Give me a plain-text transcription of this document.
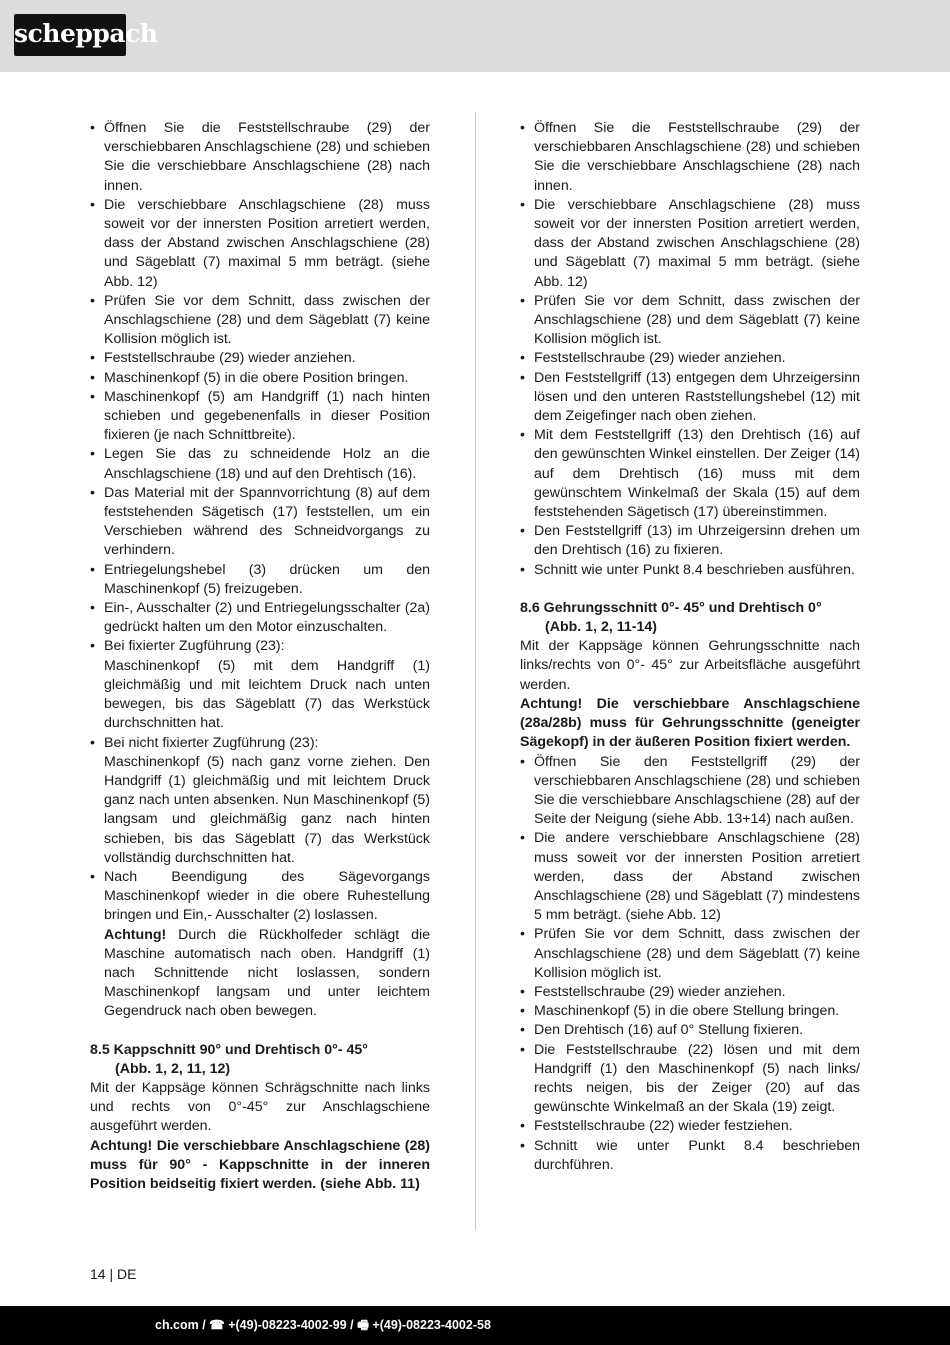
scheppach
• Öffnen Sie die Feststellschraube (29) der verschiebbaren Anschlagschiene (28) und schieben Sie die verschiebbare Anschlagschiene (28) nach innen.
• Die verschiebbare Anschlagschiene (28) muss soweit vor der innersten Position arretiert werden, dass der Abstand zwischen Anschlagschiene (28) und Sägeblatt (7) maximal 5 mm beträgt. (siehe Abb. 12)
• Prüfen Sie vor dem Schnitt, dass zwischen der Anschlagschiene (28) und dem Sägeblatt (7) keine Kollision möglich ist.
• Feststellschraube (29) wieder anziehen.
• Maschinenkopf (5) in die obere Position bringen.
• Maschinenkopf (5) am Handgriff (1) nach hinten schieben und gegebenenfalls in dieser Position fixieren (je nach Schnittbreite).
• Legen Sie das zu schneidende Holz an die Anschlagschiene (18) und auf den Drehtisch (16).
• Das Material mit der Spannvorrichtung (8) auf dem feststehenden Sägetisch (17) feststellen, um ein Verschieben während des Schneidvorgangs zu verhindern.
• Entriegelungshebel (3) drücken um den Maschinenkopf (5) freizugeben.
• Ein-, Ausschalter (2) und Entriegelungsschalter (2a) gedrückt halten um den Motor einzuschalten.
• Bei fixierter Zugführung (23):
Maschinenkopf (5) mit dem Handgriff (1) gleichmäßig und mit leichtem Druck nach unten bewegen, bis das Sägeblatt (7) das Werkstück durchschnitten hat.
• Bei nicht fixierter Zugführung (23):
Maschinenkopf (5) nach ganz vorne ziehen. Den Handgriff (1) gleichmäßig und mit leichtem Druck ganz nach unten absenken. Nun Maschinenkopf (5) langsam und gleichmäßig ganz nach hinten schieben, bis das Sägeblatt (7) das Werkstück vollständig durchschnitten hat.
• Nach Beendigung des Sägevorgangs Maschinenkopf wieder in die obere Ruhestellung bringen und Ein,- Ausschalter (2) loslassen.
Achtung! Durch die Rückholfeder schlägt die Maschine automatisch nach oben. Handgriff (1) nach Schnittende nicht loslassen, sondern Maschinenkopf langsam und unter leichtem Gegendruck nach oben bewegen.
8.5 Kappschnitt 90° und Drehtisch 0°- 45°
(Abb. 1, 2, 11, 12)
Mit der Kappsäge können Schrägschnitte nach links und rechts von 0°-45° zur Anschlagschiene ausgeführt werden.
Achtung! Die verschiebbare Anschlagschiene (28) muss für 90° - Kappschnitte in der inneren Position beidseitig fixiert werden. (siehe Abb. 11)
• Öffnen Sie die Feststellschraube (29) der verschiebbaren Anschlagschiene (28) und schieben Sie die verschiebbare Anschlagschiene (28) nach innen.
• Die verschiebbare Anschlagschiene (28) muss soweit vor der innersten Position arretiert werden, dass der Abstand zwischen Anschlagschiene (28) und Sägeblatt (7) maximal 5 mm beträgt. (siehe Abb. 12)
• Prüfen Sie vor dem Schnitt, dass zwischen der Anschlagschiene (28) und dem Sägeblatt (7) keine Kollision möglich ist.
• Feststellschraube (29) wieder anziehen.
• Den Feststellgriff (13) entgegen dem Uhrzeigersinn lösen und den unteren Raststellungshebel (12) mit dem Zeigefinger nach oben ziehen.
• Mit dem Feststellgriff (13) den Drehtisch (16) auf den gewünschten Winkel einstellen. Der Zeiger (14) auf dem Drehtisch (16) muss mit dem gewünschtem Winkelmaß der Skala (15) auf dem feststehenden Sägetisch (17) übereinstimmen.
• Den Feststellgriff (13) im Uhrzeigersinn drehen um den Drehtisch (16) zu fixieren.
• Schnitt wie unter Punkt 8.4 beschrieben ausführen.
8.6 Gehrungsschnitt 0°- 45° und Drehtisch 0°
(Abb. 1, 2, 11-14)
Mit der Kappsäge können Gehrungsschnitte nach links/rechts von 0°- 45° zur Arbeitsfläche ausgeführt werden.
Achtung! Die verschiebbare Anschlagschiene (28a/28b) muss für Gehrungsschnitte (geneigter Sägekopf) in der äußeren Position fixiert werden.
• Öffnen Sie den Feststellgriff (29) der verschiebbaren Anschlagschiene (28) und schieben Sie die verschiebbare Anschlagschiene (28) auf der Seite der Neigung (siehe Abb. 13+14) nach außen.
• Die andere verschiebbare Anschlagschiene (28) muss soweit vor der innersten Position arretiert werden, dass der Abstand zwischen Anschlagschiene (28) und Sägeblatt (7) mindestens 5 mm beträgt. (siehe Abb. 12)
• Prüfen Sie vor dem Schnitt, dass zwischen der Anschlagschiene (28) und dem Sägeblatt (7) keine Kollision möglich ist.
• Feststellschraube (29) wieder anziehen.
• Maschinenkopf (5) in die obere Stellung bringen.
• Den Drehtisch (16) auf 0° Stellung fixieren.
• Die Feststellschraube (22) lösen und mit dem Handgriff (1) den Maschinenkopf (5) nach links/ rechts neigen, bis der Zeiger (20) auf das gewünschte Winkelmaß an der Skala (19) zeigt.
• Feststellschraube (22) wieder festziehen.
• Schnitt wie unter Punkt 8.4 beschrieben durchführen.
14 | DE
ch.com / ☎ +(49)-08223-4002-99 / 🖷 +(49)-08223-4002-58
